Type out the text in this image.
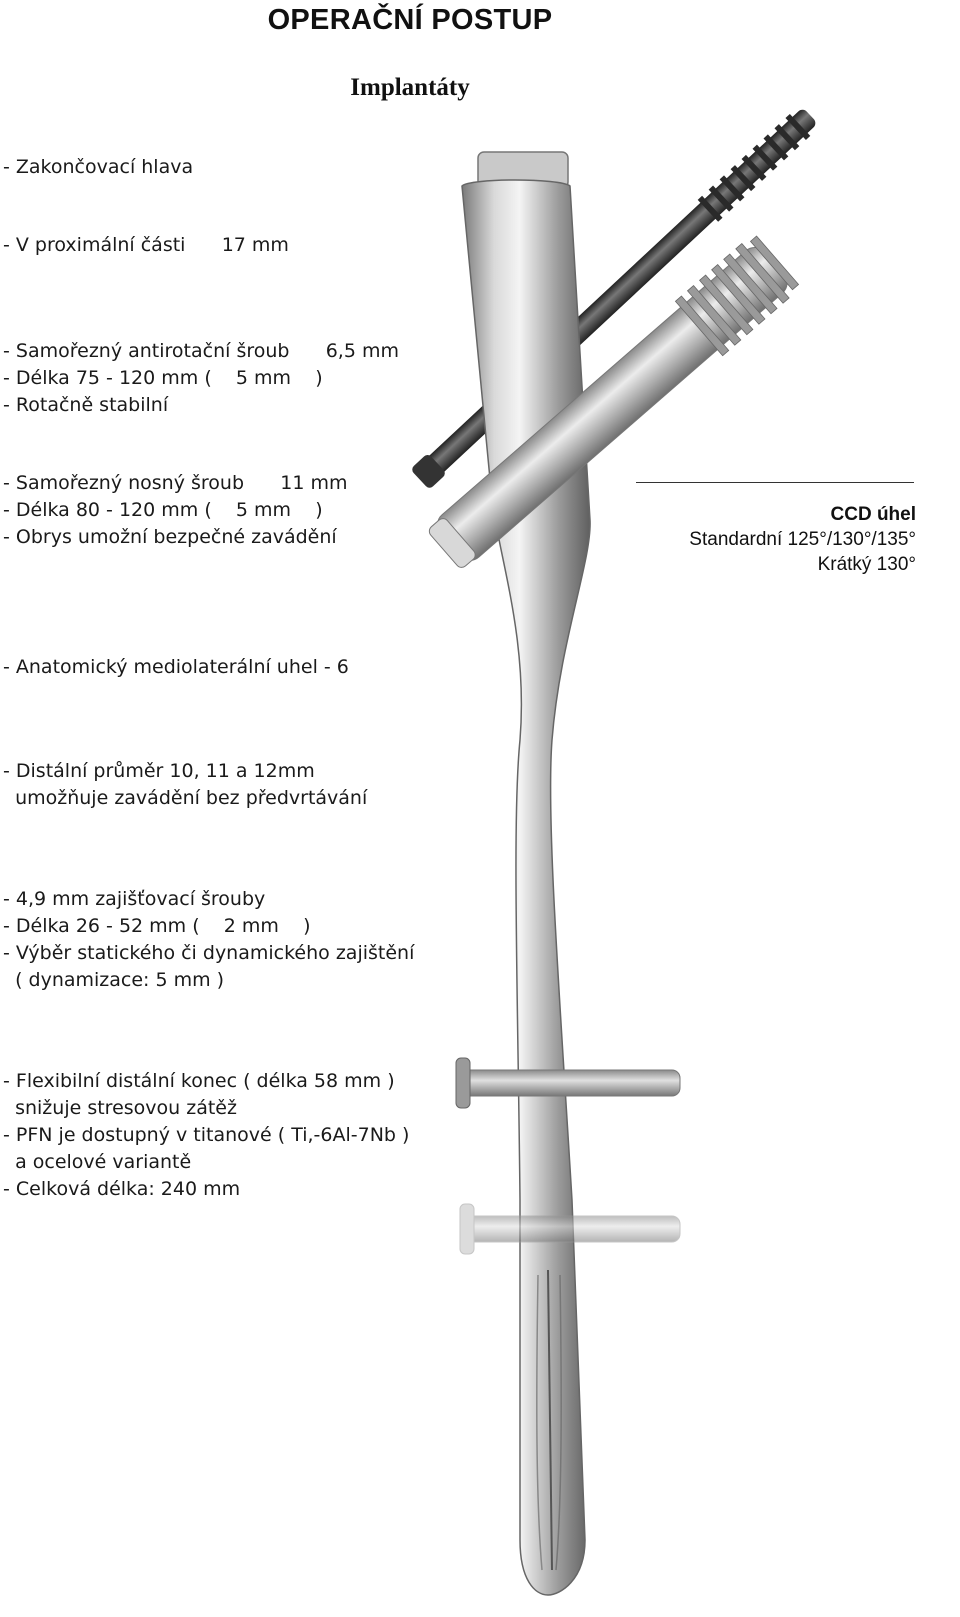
OPERAČNÍ POSTUP
Implantáty
- Zakončovací hlava
- V proximální části      17 mm
- Samořezný antirotační šroub      6,5 mm
- Délka 75 - 120 mm (    5 mm    )
- Rotačně stabilní
- Samořezný nosný šroub      11 mm
- Délka 80 - 120 mm (    5 mm    )
- Obrys umožní bezpečné zavádění
CCD úhel
Standardní 125°/130°/135°
Krátký 130°
- Anatomický mediolaterální uhel - 6
- Distální průměr 10, 11 a 12mm
umožňuje zavádění bez předvrtávání
- 4,9 mm zajišťovací šrouby
- Délka 26 - 52 mm (    2 mm    )
- Výběr statického či dynamického zajištění
( dynamizace: 5 mm )
- Flexibilní distální konec ( délka 58 mm )
snižuje stresovou zátěž
- PFN je dostupný v titanové ( Ti,-6Al-7Nb )
a ocelové variantě
- Celková délka: 240 mm
